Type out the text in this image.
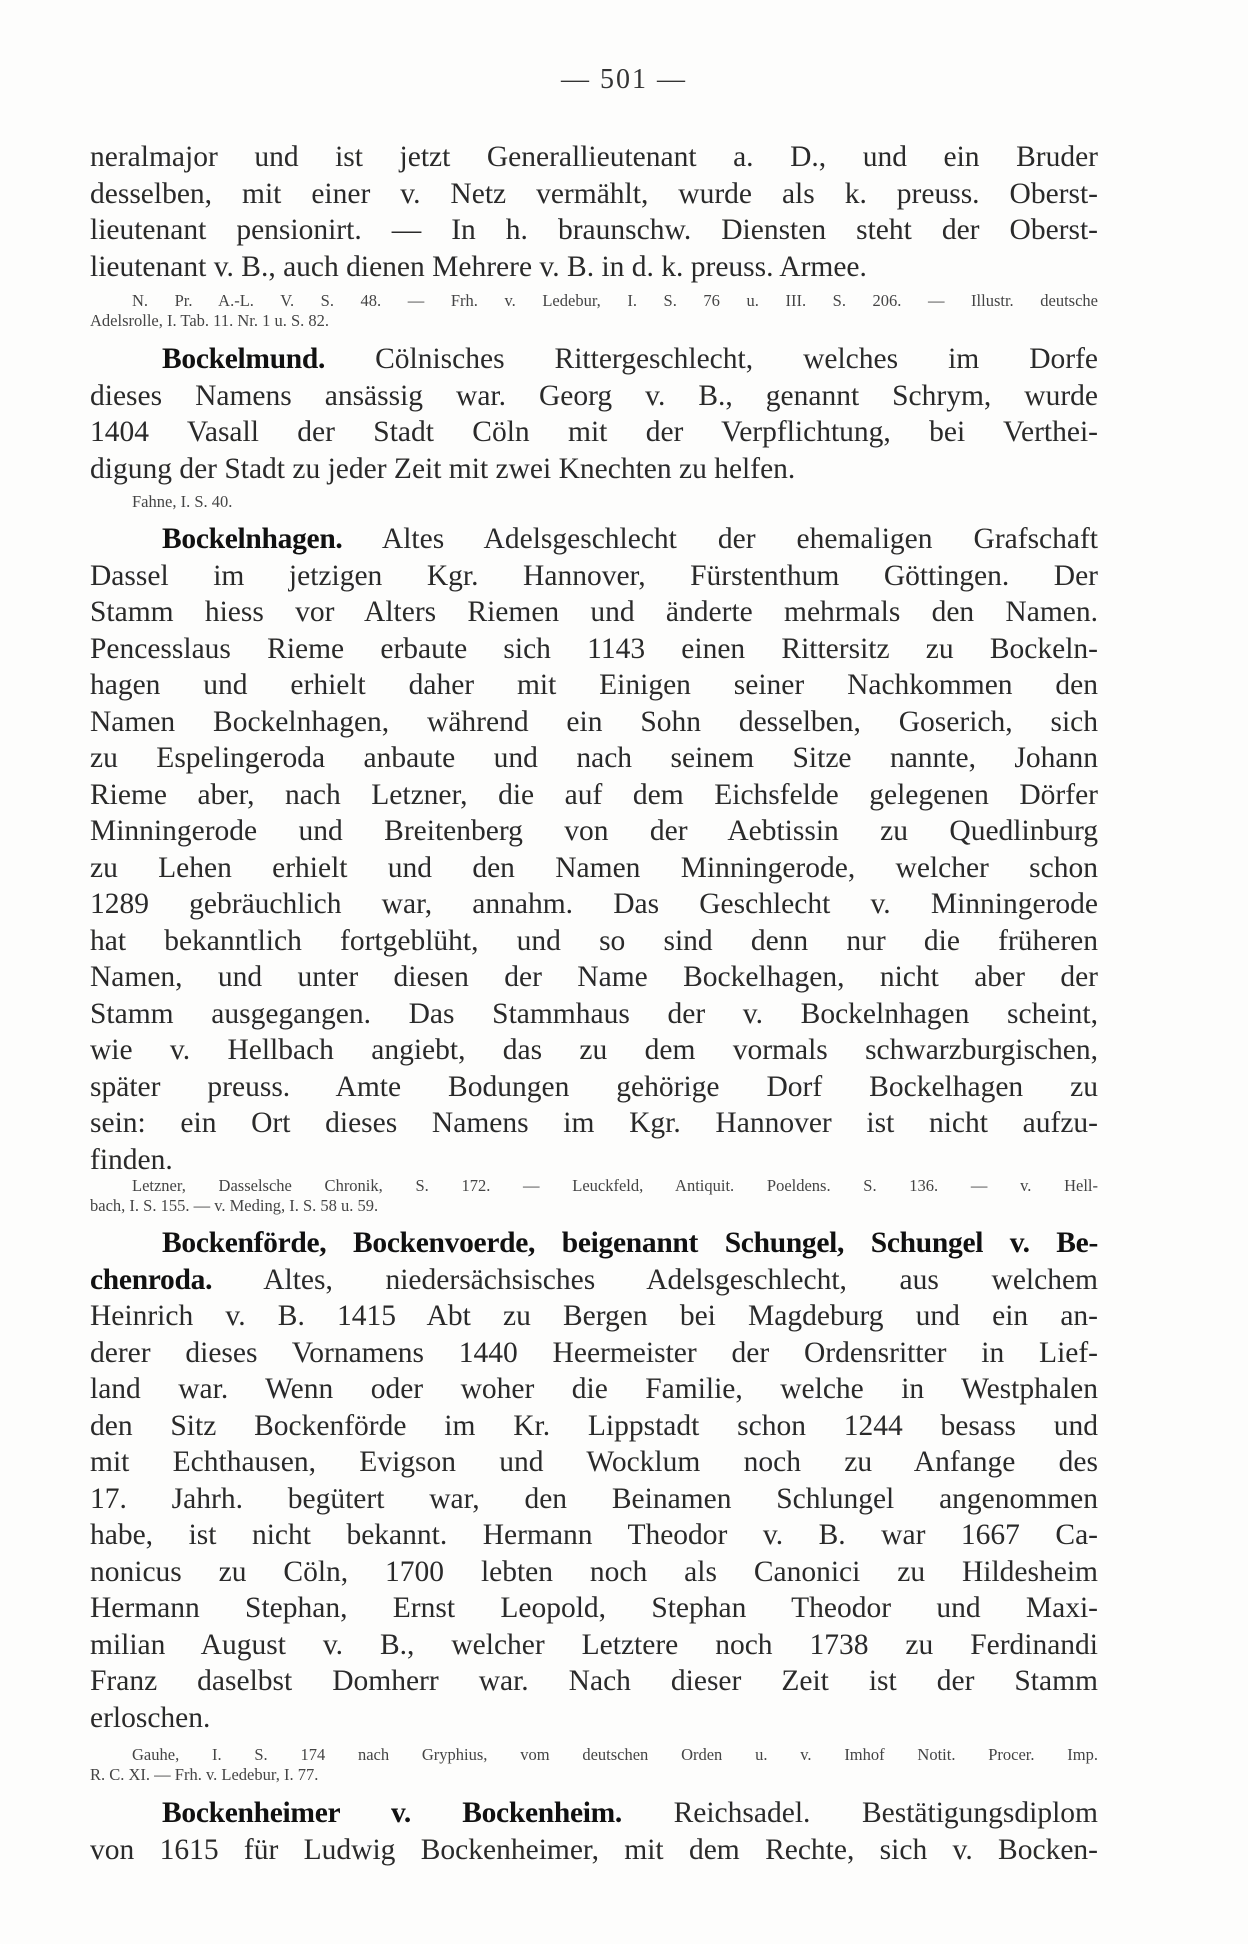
— 501 —
neralmajor und ist jetzt Generallieutenant a. D., und ein Bruder
desselben, mit einer v. Netz vermählt, wurde als k. preuss. Oberst-
lieutenant pensionirt. — In h. braunschw. Diensten steht der Oberst-
lieutenant v. B., auch dienen Mehrere v. B. in d. k. preuss. Armee.
N. Pr. A.-L. V. S. 48. — Frh. v. Ledebur, I. S. 76 u. III. S. 206. — Illustr. deutsche
Adelsrolle, I. Tab. 11. Nr. 1 u. S. 82.
Bockelmund. Cölnisches Rittergeschlecht, welches im Dorfe
dieses Namens ansässig war. Georg v. B., genannt Schrym, wurde
1404 Vasall der Stadt Cöln mit der Verpflichtung, bei Verthei-
digung der Stadt zu jeder Zeit mit zwei Knechten zu helfen.
Fahne, I. S. 40.
Bockelnhagen. Altes Adelsgeschlecht der ehemaligen Grafschaft
Dassel im jetzigen Kgr. Hannover, Fürstenthum Göttingen. Der
Stamm hiess vor Alters Riemen und änderte mehrmals den Namen.
Pencesslaus Rieme erbaute sich 1143 einen Rittersitz zu Bockeln-
hagen und erhielt daher mit Einigen seiner Nachkommen den
Namen Bockelnhagen, während ein Sohn desselben, Goserich, sich
zu Espelingeroda anbaute und nach seinem Sitze nannte, Johann
Rieme aber, nach Letzner, die auf dem Eichsfelde gelegenen Dörfer
Minningerode und Breitenberg von der Aebtissin zu Quedlinburg
zu Lehen erhielt und den Namen Minningerode, welcher schon
1289 gebräuchlich war, annahm. Das Geschlecht v. Minningerode
hat bekanntlich fortgeblüht, und so sind denn nur die früheren
Namen, und unter diesen der Name Bockelhagen, nicht aber der
Stamm ausgegangen. Das Stammhaus der v. Bockelnhagen scheint,
wie v. Hellbach angiebt, das zu dem vormals schwarzburgischen,
später preuss. Amte Bodungen gehörige Dorf Bockelhagen zu
sein: ein Ort dieses Namens im Kgr. Hannover ist nicht aufzu-
finden.
Letzner, Dasselsche Chronik, S. 172. — Leuckfeld, Antiquit. Poeldens. S. 136. — v. Hell-
bach, I. S. 155. — v. Meding, I. S. 58 u. 59.
Bockenförde, Bockenvoerde, beigenannt Schungel, Schungel v. Be-
chenroda. Altes, niedersächsisches Adelsgeschlecht, aus welchem
Heinrich v. B. 1415 Abt zu Bergen bei Magdeburg und ein an-
derer dieses Vornamens 1440 Heermeister der Ordensritter in Lief-
land war. Wenn oder woher die Familie, welche in Westphalen
den Sitz Bockenförde im Kr. Lippstadt schon 1244 besass und
mit Echthausen, Evigson und Wocklum noch zu Anfange des
17. Jahrh. begütert war, den Beinamen Schlungel angenommen
habe, ist nicht bekannt. Hermann Theodor v. B. war 1667 Ca-
nonicus zu Cöln, 1700 lebten noch als Canonici zu Hildesheim
Hermann Stephan, Ernst Leopold, Stephan Theodor und Maxi-
milian August v. B., welcher Letztere noch 1738 zu Ferdinandi
Franz daselbst Domherr war. Nach dieser Zeit ist der Stamm
erloschen.
Gauhe, I. S. 174 nach Gryphius, vom deutschen Orden u. v. Imhof Notit. Procer. Imp.
R. C. XI. — Frh. v. Ledebur, I. 77.
Bockenheimer v. Bockenheim. Reichsadel. Bestätigungsdiplom
von 1615 für Ludwig Bockenheimer, mit dem Rechte, sich v. Bocken-
